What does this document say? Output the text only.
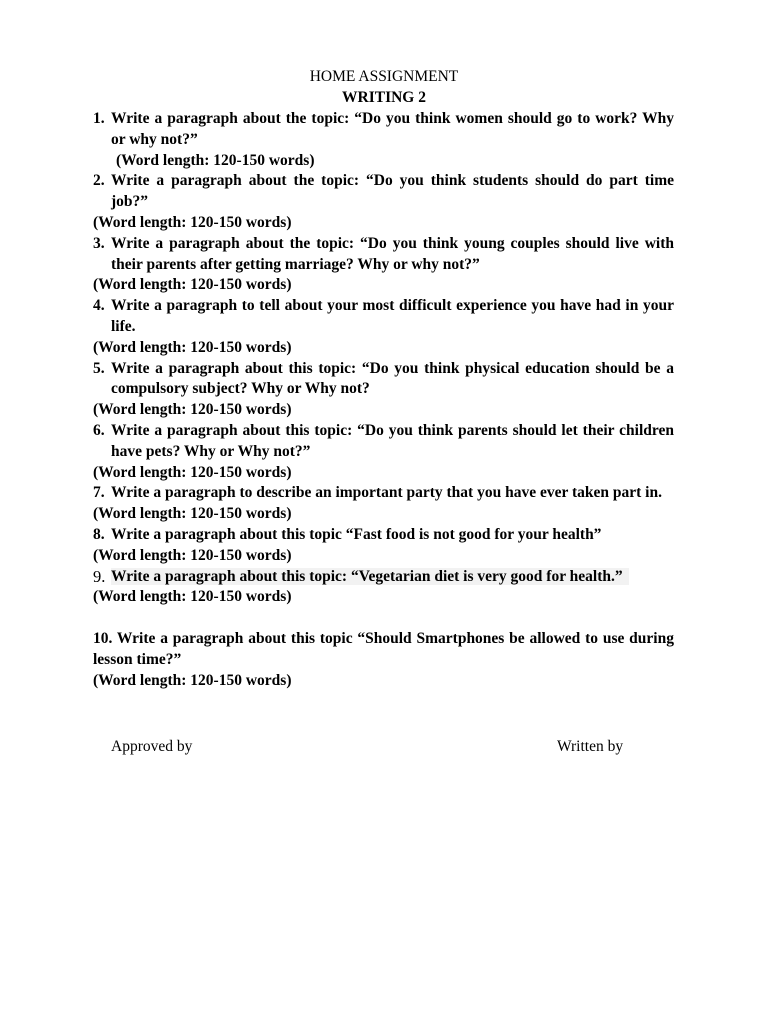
HOME ASSIGNMENT
WRITING 2
1. Write a paragraph about the topic: “Do you think women should go to work? Why or why not?”
(Word length: 120-150 words)
2. Write a paragraph about the topic: “Do you think students should do part time job?”
(Word length: 120-150 words)
3. Write a paragraph about the topic: “Do you think young couples should live with their parents after getting marriage? Why or why not?”
(Word length: 120-150 words)
4. Write a paragraph to tell about your most difficult experience you have had in your life.
(Word length: 120-150 words)
5. Write a paragraph about this topic: “Do you think physical education should be a compulsory subject? Why or Why not?
(Word length: 120-150 words)
6. Write a paragraph about this topic: “Do you think parents should let their children have pets? Why or Why not?”
(Word length: 120-150 words)
7. Write a paragraph to describe an important party that you have ever taken part in.
(Word length: 120-150 words)
8. Write a paragraph about this topic “Fast food is not good for your health”
(Word length: 120-150 words)
9. Write a paragraph about this topic: “Vegetarian diet is very good for health.”
(Word length: 120-150 words)
10. Write a paragraph about this topic “Should Smartphones be allowed to use during lesson time?”
(Word length: 120-150 words)
Approved by	Written by
